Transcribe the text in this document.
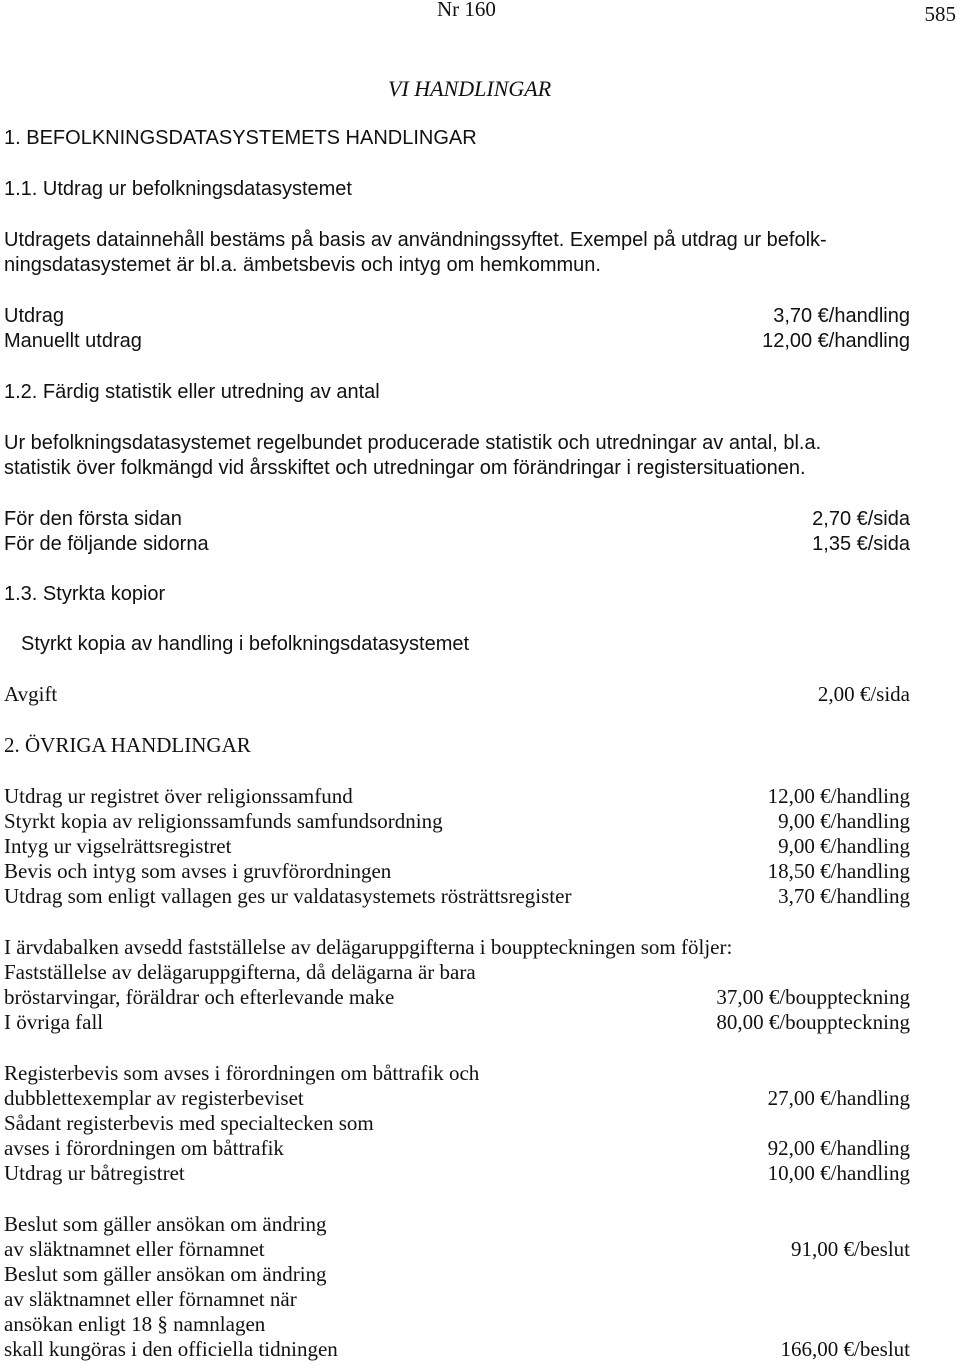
Nr 160	585
VI HANDLINGAR
1. BEFOLKNINGSDATASYSTEMETS HANDLINGAR
1.1. Utdrag ur befolkningsdatasystemet
Utdragets datainnehåll bestäms på basis av användningssyftet. Exempel på utdrag ur befolk-
ningsdatasystemet är bl.a. ämbetsbevis och intyg om hemkommun.
Utdrag	3,70 €/handling
Manuellt utdrag	12,00 €/handling
1.2. Färdig statistik eller utredning av antal
Ur befolkningsdatasystemet regelbundet producerade statistik och utredningar av antal, bl.a.
statistik över folkmängd vid årsskiftet och utredningar om förändringar i registersituationen.
För den första sidan	2,70 €/sida
För de följande sidorna	1,35 €/sida
1.3. Styrkta kopior
Styrkt kopia av handling i befolkningsdatasystemet
Avgift	2,00 €/sida
2. ÖVRIGA HANDLINGAR
Utdrag ur registret över religionssamfund	12,00 €/handling
Styrkt kopia av religionssamfunds samfundsordning	9,00 €/handling
Intyg ur vigselrättsregistret	9,00 €/handling
Bevis och intyg som avses i gruvförordningen	18,50 €/handling
Utdrag som enligt vallagen ges ur valdatasystemets rösträttsregister	3,70 €/handling
I ärvdabalken avsedd fastställelse av delägaruppgifterna i bouppteckningen som följer:
Fastställelse av delägaruppgifterna, då delägarna är bara
bröstarvingar, föräldrar och efterlevande make	37,00 €/bouppteckning
I övriga fall	80,00 €/bouppteckning
Registerbevis som avses i förordningen om båttrafik och
dubblettexemplar av registerbeviset	27,00 €/handling
Sådant registerbevis med specialtecken som
avses i förordningen om båttrafik	92,00 €/handling
Utdrag ur båtregistret	10,00 €/handling
Beslut som gäller ansökan om ändring
av släktnamnet eller förnamnet	91,00 €/beslut
Beslut som gäller ansökan om ändring
av släktnamnet eller förnamnet när
ansökan enligt 18 § namnlagen
skall kungöras i den officiella tidningen	166,00 €/beslut
